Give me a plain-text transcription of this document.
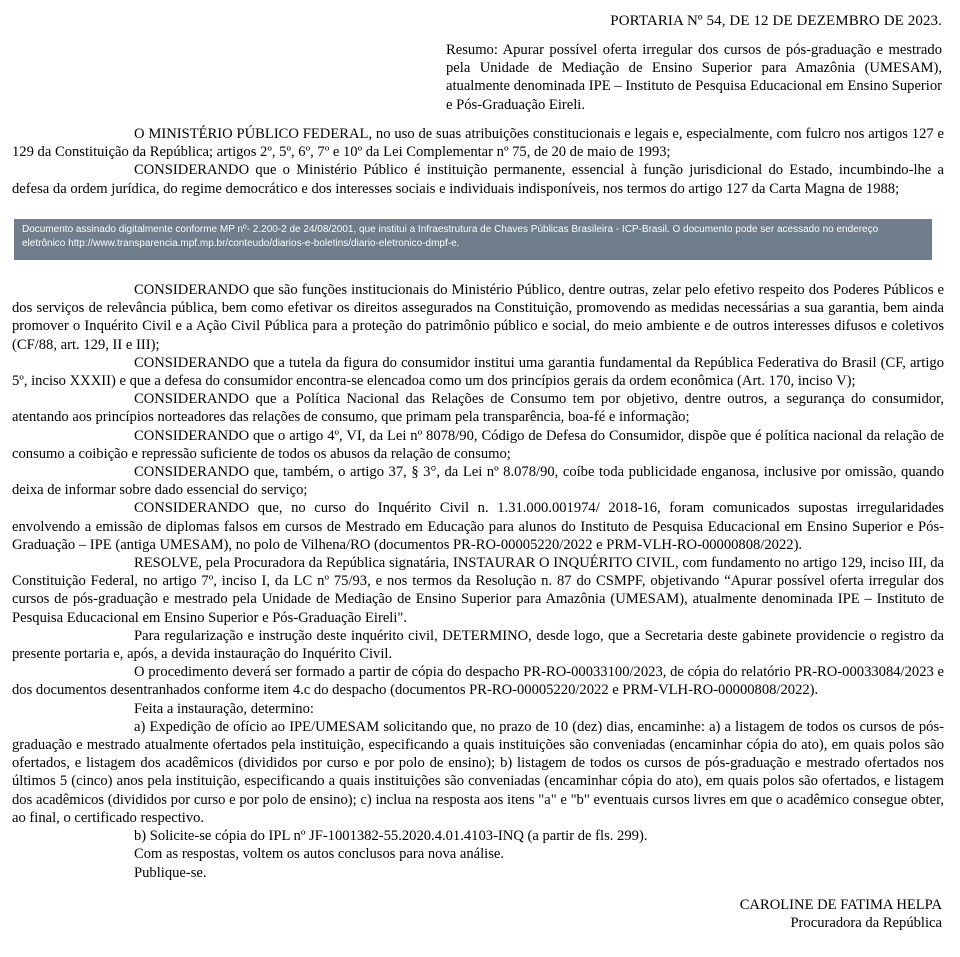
PORTARIA Nº 54, DE 12 DE DEZEMBRO DE 2023.
Resumo: Apurar possível oferta irregular dos cursos de pós-graduação e mestrado pela Unidade de Mediação de Ensino Superior para Amazônia (UMESAM), atualmente denominada IPE – Instituto de Pesquisa Educacional em Ensino Superior e Pós-Graduação Eireli.

O MINISTÉRIO PÚBLICO FEDERAL, no uso de suas atribuições constitucionais e legais e, especialmente, com fulcro nos artigos 127 e 129 da Constituição da República; artigos 2º, 5º, 6º, 7º e 10º da Lei Complementar nº 75, de 20 de maio de 1993;

CONSIDERANDO que o Ministério Público é instituição permanente, essencial à função jurisdicional do Estado, incumbindo-lhe a defesa da ordem jurídica, do regime democrático e dos interesses sociais e individuais indisponíveis, nos termos do artigo 127 da Carta Magna de 1988;

Documento assinado digitalmente conforme MP nº- 2.200-2 de 24/08/2001, que institui a Infraestrutura de Chaves Públicas Brasileira - ICP-Brasil. O documento pode ser acessado no endereço
eletrônico http://www.transparencia.mpf.mp.br/conteudo/diarios-e-boletins/diario-eletronico-dmpf-e.

CONSIDERANDO que são funções institucionais do Ministério Público, dentre outras, zelar pelo efetivo respeito dos Poderes Públicos e dos serviços de relevância pública, bem como efetivar os direitos assegurados na Constituição, promovendo as medidas necessárias a sua garantia, bem ainda promover o Inquérito Civil e a Ação Civil Pública para a proteção do patrimônio público e social, do meio ambiente e de outros interesses difusos e coletivos (CF/88, art. 129, II e III);

CONSIDERANDO que a tutela da figura do consumidor institui uma garantia fundamental da República Federativa do Brasil (CF, artigo 5º, inciso XXXII) e que a defesa do consumidor encontra-se elencadoa como um dos princípios gerais da ordem econômica (Art. 170, inciso V);

CONSIDERANDO que a Política Nacional das Relações de Consumo tem por objetivo, dentre outros, a segurança do consumidor, atentando aos princípios norteadores das relações de consumo, que primam pela transparência, boa-fé e informação;

CONSIDERANDO que o artigo 4º, VI, da Lei nº 8078/90, Código de Defesa do Consumidor, dispõe que é política nacional da relação de consumo a coibição e repressão suficiente de todos os abusos da relação de consumo;

CONSIDERANDO que, também, o artigo 37, § 3°, da Lei nº 8.078/90, coíbe toda publicidade enganosa, inclusive por omissão, quando deixa de informar sobre dado essencial do serviço;

CONSIDERANDO que, no curso do Inquérito Civil n. 1.31.000.001974/ 2018-16, foram comunicados supostas irregularidades envolvendo a emissão de diplomas falsos em cursos de Mestrado em Educação para alunos do Instituto de Pesquisa Educacional em Ensino Superior e Pós-Graduação – IPE (antiga UMESAM), no polo de Vilhena/RO (documentos PR-RO-00005220/2022 e PRM-VLH-RO-00000808/2022).

RESOLVE, pela Procuradora da República signatária, INSTAURAR O INQUÉRITO CIVIL, com fundamento no artigo 129, inciso III, da Constituição Federal, no artigo 7º, inciso I, da LC nº 75/93, e nos termos da Resolução n. 87 do CSMPF, objetivando “Apurar possível oferta irregular dos cursos de pós-graduação e mestrado pela Unidade de Mediação de Ensino Superior para Amazônia (UMESAM), atualmente denominada IPE – Instituto de Pesquisa Educacional em Ensino Superior e Pós-Graduação Eireli".

Para regularização e instrução deste inquérito civil, DETERMINO, desde logo, que a Secretaria deste gabinete providencie o registro da presente portaria e, após, a devida instauração do Inquérito Civil.

O procedimento deverá ser formado a partir de cópia do despacho PR-RO-00033100/2023, de cópia do relatório PR-RO-00033084/2023 e dos documentos desentranhados conforme item 4.c do despacho (documentos PR-RO-00005220/2022 e PRM-VLH-RO-00000808/2022).

Feita a instauração, determino:

a) Expedição de ofício ao IPE/UMESAM solicitando que, no prazo de 10 (dez) dias, encaminhe: a) a listagem de todos os cursos de pós-graduação e mestrado atualmente ofertados pela instituição, especificando a quais instituições são conveniadas (encaminhar cópia do ato), em quais polos são ofertados, e listagem dos acadêmicos (divididos por curso e por polo de ensino); b) listagem de todos os cursos de pós-graduação e mestrado ofertados nos últimos 5 (cinco) anos pela instituição, especificando a quais instituições são conveniadas (encaminhar cópia do ato), em quais polos são ofertados, e listagem dos acadêmicos (divididos por curso e por polo de ensino); c) inclua na resposta aos itens "a" e "b" eventuais cursos livres em que o acadêmico consegue obter, ao final, o certificado respectivo.

b) Solicite-se cópia do IPL nº JF-1001382-55.2020.4.01.4103-INQ (a partir de fls. 299).

Com as respostas, voltem os autos conclusos para nova análise.

Publique-se.

CAROLINE DE FATIMA HELPA
Procuradora da República
